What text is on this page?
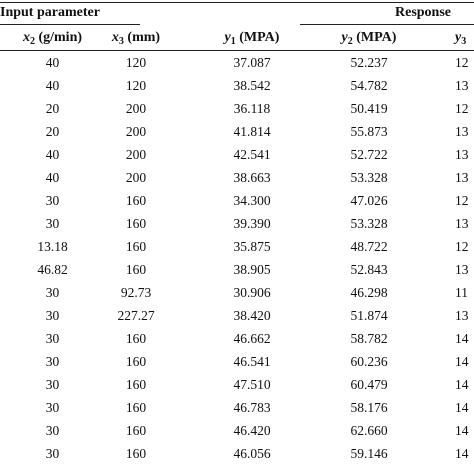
Input parameter	Response
$x_2$ (g/min)	$x_3$ (mm)	$y_1$ (MPA)	$y_2$ (MPA)	$y_3$
40	120	37.087	52.237	12
40	120	38.542	54.782	13
20	200	36.118	50.419	12
20	200	41.814	55.873	13
40	200	42.541	52.722	13
40	200	38.663	53.328	13
30	160	34.300	47.026	12
30	160	39.390	53.328	13
13.18	160	35.875	48.722	12
46.82	160	38.905	52.843	13
30	92.73	30.906	46.298	11
30	227.27	38.420	51.874	13
30	160	46.662	58.782	14
30	160	46.541	60.236	14
30	160	47.510	60.479	14
30	160	46.783	58.176	14
30	160	46.420	62.660	14
30	160	46.056	59.146	14
